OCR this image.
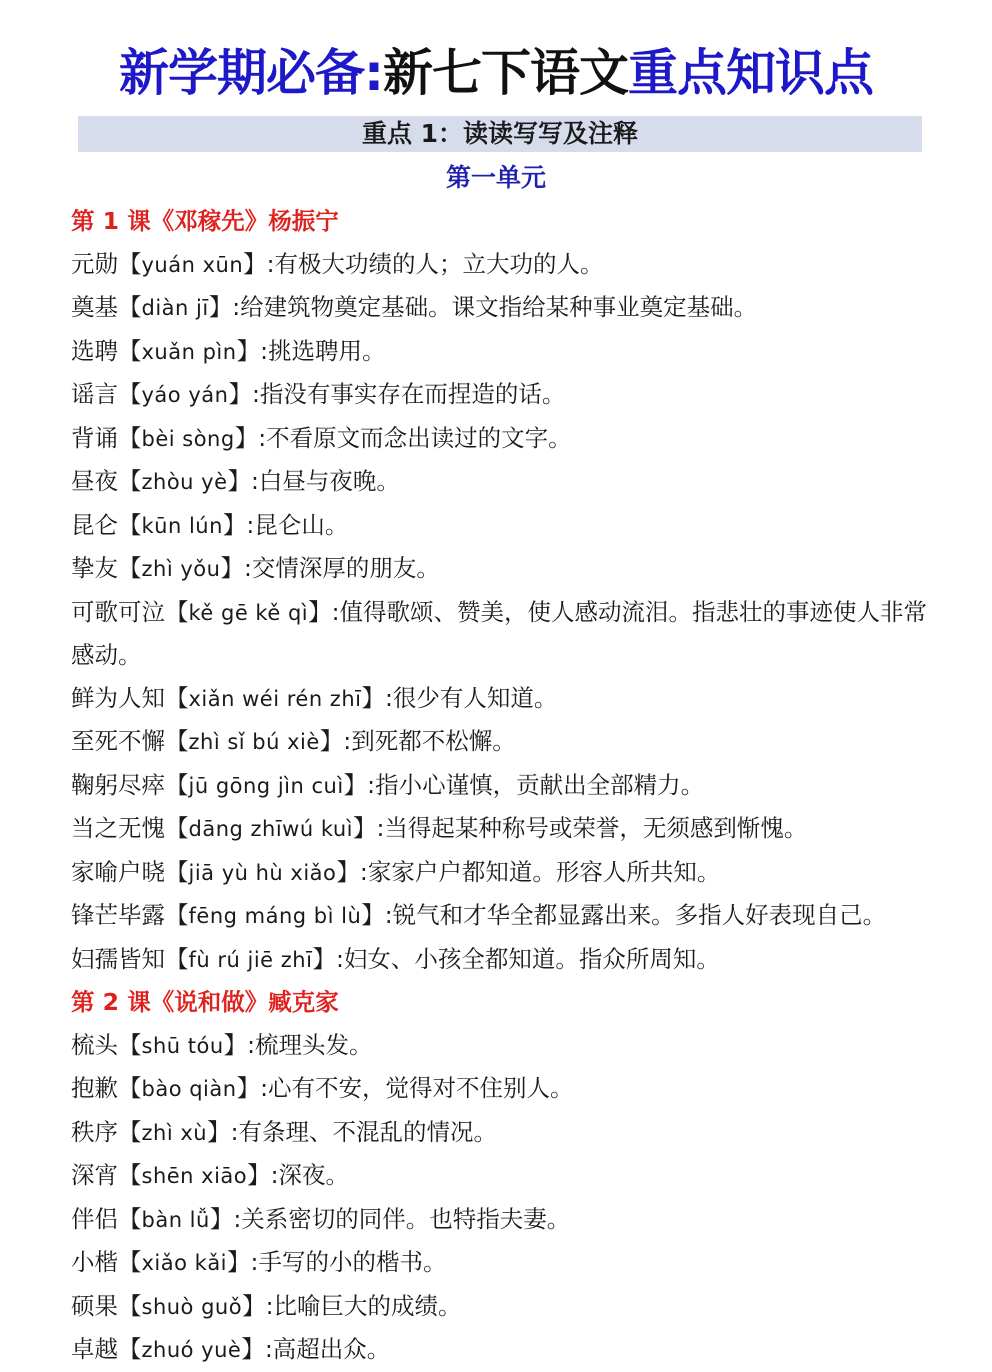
新学期必备:新七下语文重点知识点
重点 1：读读写写及注释
第一单元
第 1 课《邓稼先》杨振宁
元勋【yuán xūn】:有极大功绩的人；立大功的人。
奠基【diàn jī】:给建筑物奠定基础。课文指给某种事业奠定基础。
选聘【xuǎn pìn】:挑选聘用。
谣言【yáo yán】:指没有事实存在而捏造的话。
背诵【bèi sòng】:不看原文而念出读过的文字。
昼夜【zhòu yè】:白昼与夜晚。
昆仑【kūn lún】:昆仑山。
挚友【zhì yǒu】:交情深厚的朋友。
可歌可泣【kě gē kě qì】:值得歌颂、赞美，使人感动流泪。指悲壮的事迹使人非常感动。
鲜为人知【xiǎn wéi rén zhī】:很少有人知道。
至死不懈【zhì sǐ bú xiè】:到死都不松懈。
鞠躬尽瘁【jū gōng jìn cuì】:指小心谨慎，贡献出全部精力。
当之无愧【dāng zhīwú kuì】:当得起某种称号或荣誉，无须感到惭愧。
家喻户晓【jiā yù hù xiǎo】:家家户户都知道。形容人所共知。
锋芒毕露【fēng máng bì lù】:锐气和才华全都显露出来。多指人好表现自己。
妇孺皆知【fù rú jiē zhī】:妇女、小孩全都知道。指众所周知。
第 2 课《说和做》臧克家
梳头【shū tóu】:梳理头发。
抱歉【bào qiàn】:心有不安，觉得对不住别人。
秩序【zhì xù】:有条理、不混乱的情况。
深宵【shēn xiāo】:深夜。
伴侣【bàn lǚ】:关系密切的同伴。也特指夫妻。
小楷【xiǎo kǎi】:手写的小的楷书。
硕果【shuò guǒ】:比喻巨大的成绩。
卓越【zhuó yuè】:高超出众。
